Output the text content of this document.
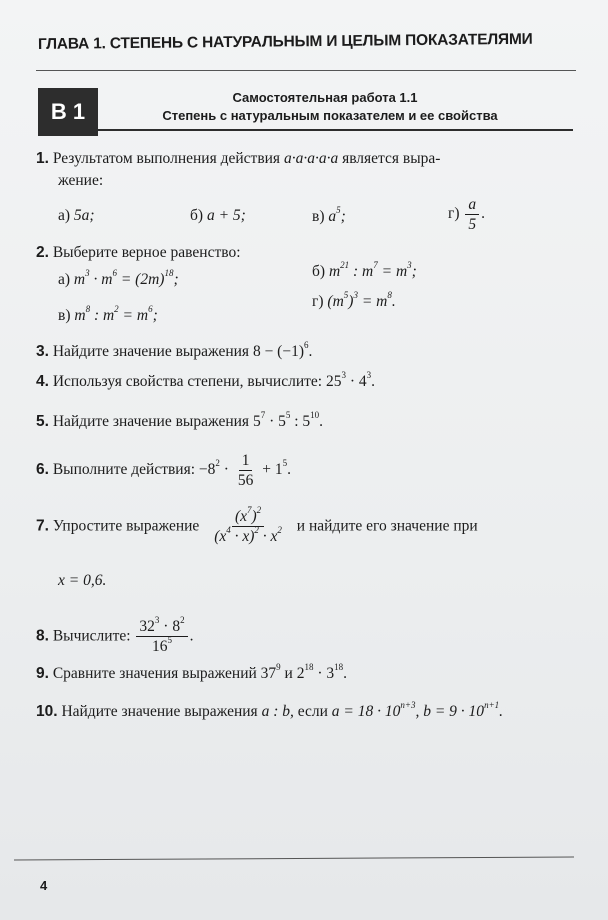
ГЛАВА 1. СТЕПЕНЬ С НАТУРАЛЬНЫМ И ЦЕЛЫМ ПОКАЗАТЕЛЯМИ
В 1
Самостоятельная работа 1.1
Степень с натуральным показателем и ее свойства
1. Результатом выполнения действия a·a·a·a·a является выра-
жение:
а) 5a;	б) a + 5;	в) $a^5$;	$г) \frac{a}{5}$ .
2. Выберите верное равенство:
а) $m^3 \cdot m^6 = (2m)^{18}$;	б) $m^{21}$ : $m^7 = m^3$;
в) $m^8$ : $m^2 = m^6$;
г) $(m^5)^3 = m^8$.
3. Найдите значение выражения $8 - (-1)^6$.
4. Используя свойства степени, вычислите: $25^3 \cdot 4^3$.
5. Найдите значение выражения $5^7 \cdot 5^5$ : $5^{10}$.
6. Выполните действия: $-8^2 \cdot \frac{1}{56} + 1^5$.
7. Упростите выражение $\frac{(x^7)^2}{(x^4 \cdot x)^2 \cdot x^2}$ и найдите его значение при
x = 0,6.
8. Вычислите: $\frac{32^3 \cdot 8^2}{16^5}$ .
9. Сравните значения выражений $37^9$ и $2^{18} \cdot 3^{18}$.
10. Найдите значение выражения a : b, если $a = 18 \cdot 10^{n+3}$, $b = 9 \cdot 10^{n+1}$.
4
